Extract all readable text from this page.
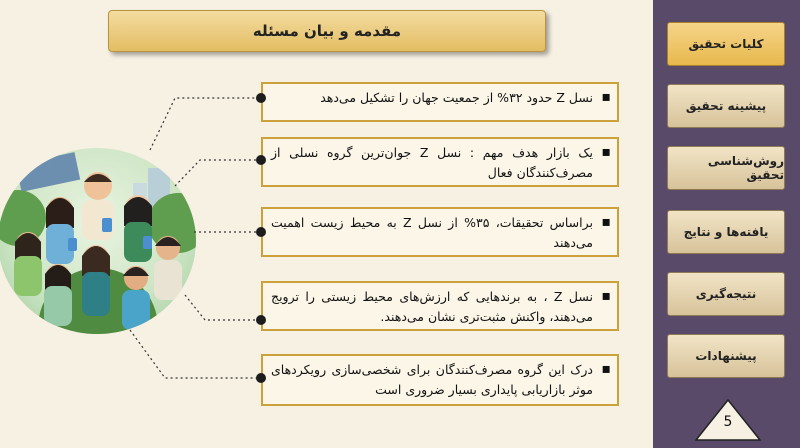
مقدمه و بیان مسئله
▪ نسل Z حدود ۳۲% از جمعیت جهان را تشکیل می‌دهد
▪ یک بازار هدف مهم : نسل Z جوان‌ترین گروه نسلی از مصرف‌کنندگان فعال
▪ براساس تحقیقات، ۳۵% از نسل Z به محیط زیست اهمیت می‌دهند
▪ نسل Z ، به برندهایی که ارزش‌های محیط زیستی را ترویج می‌دهند، واکنش مثبت‌تری نشان می‌دهند.
▪ درک این گروه مصرف‌کنندگان برای شخصی‌سازی رویکردهای موثر بازاریابی پایداری بسیار ضروری است
کلیات تحقیق
پیشینه تحقیق
روش‌شناسی تحقیق
یافته‌ها و نتایج
نتیجه‌گیری
پیشنهادات
5
